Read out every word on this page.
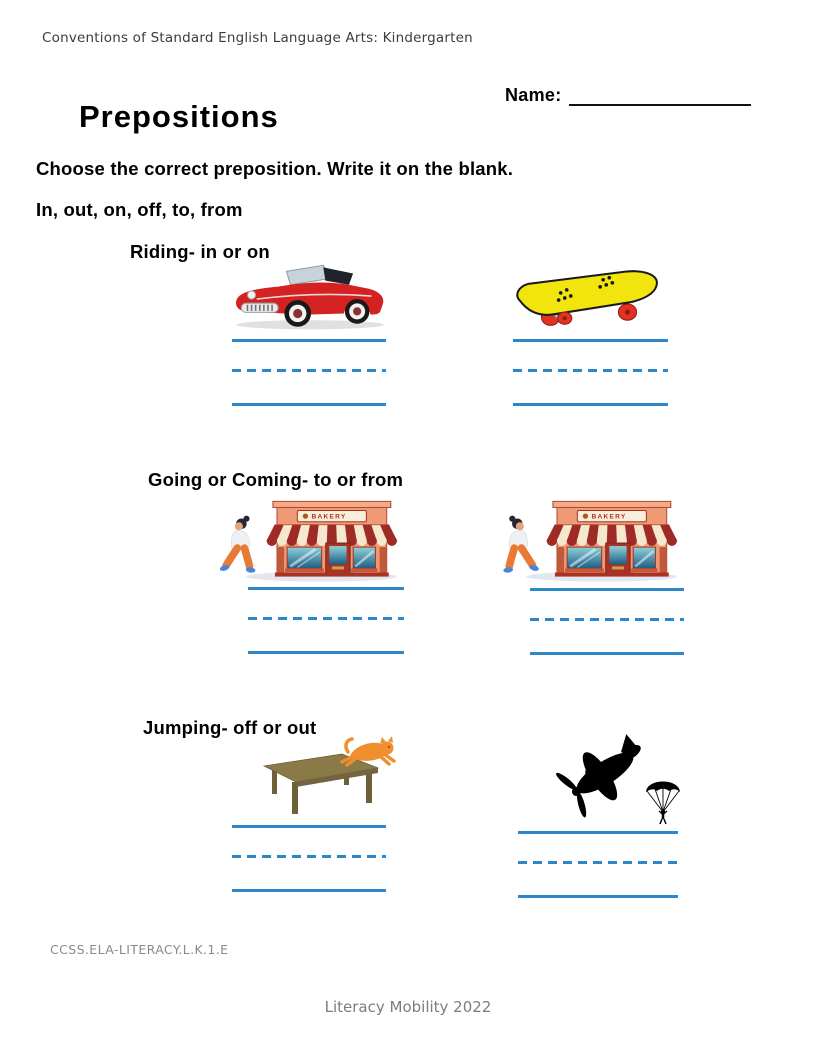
Conventions of Standard English Language Arts: Kindergarten
Name:
Prepositions
Choose the correct preposition. Write it on the blank.
In, out, on, off, to, from
Riding- in or on
Going or Coming- to or from
BAKERY	BAKERY
Jumping- off or out
CCSS.ELA-LITERACY.L.K.1.E
Literacy Mobility 2022
